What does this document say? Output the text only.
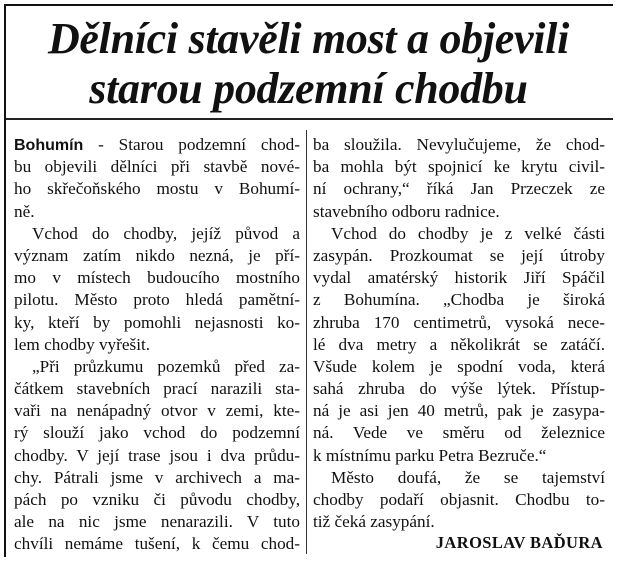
Dělníci stavěli most a objevili
starou podzemní chodbu
Bohumín - Starou podzemní chod-
bu objevili dělníci při stavbě nové-
ho skřečoňského mostu v Bohumí-
ně.
Vchod do chodby, jejíž původ a
význam zatím nikdo nezná, je pří-
mo v místech budoucího mostního
pilotu. Město proto hledá pamětní-
ky, kteří by pomohli nejasnosti ko-
lem chodby vyřešit.
„Při průzkumu pozemků před za-
čátkem stavebních prací narazili sta-
vaři na nenápadný otvor v zemi, kte-
rý slouží jako vchod do podzemní
chodby. V její trase jsou i dva průdu-
chy. Pátrali jsme v archivech a ma-
pách po vzniku či původu chodby,
ale na nic jsme nenarazili. V tuto
chvíli nemáme tušení, k čemu chod-
ba sloužila. Nevylučujeme, že chod-
ba mohla být spojnicí ke krytu civil-
ní ochrany,“ říká Jan Przeczek ze
stavebního odboru radnice.
Vchod do chodby je z velké části
zasypán. Prozkoumat se její útroby
vydal amatérský historik Jiří Spáčil
z Bohumína. „Chodba je široká
zhruba 170 centimetrů, vysoká nece-
lé dva metry a několikrát se zatáčí.
Všude kolem je spodní voda, která
sahá zhruba do výše lýtek. Přístup-
ná je asi jen 40 metrů, pak je zasypa-
ná. Vede ve směru od železnice
k místnímu parku Petra Bezruče.“
Město doufá, že se tajemství
chodby podaří objasnit. Chodbu to-
tiž čeká zasypání.
JAROSLAV BAĎURA
